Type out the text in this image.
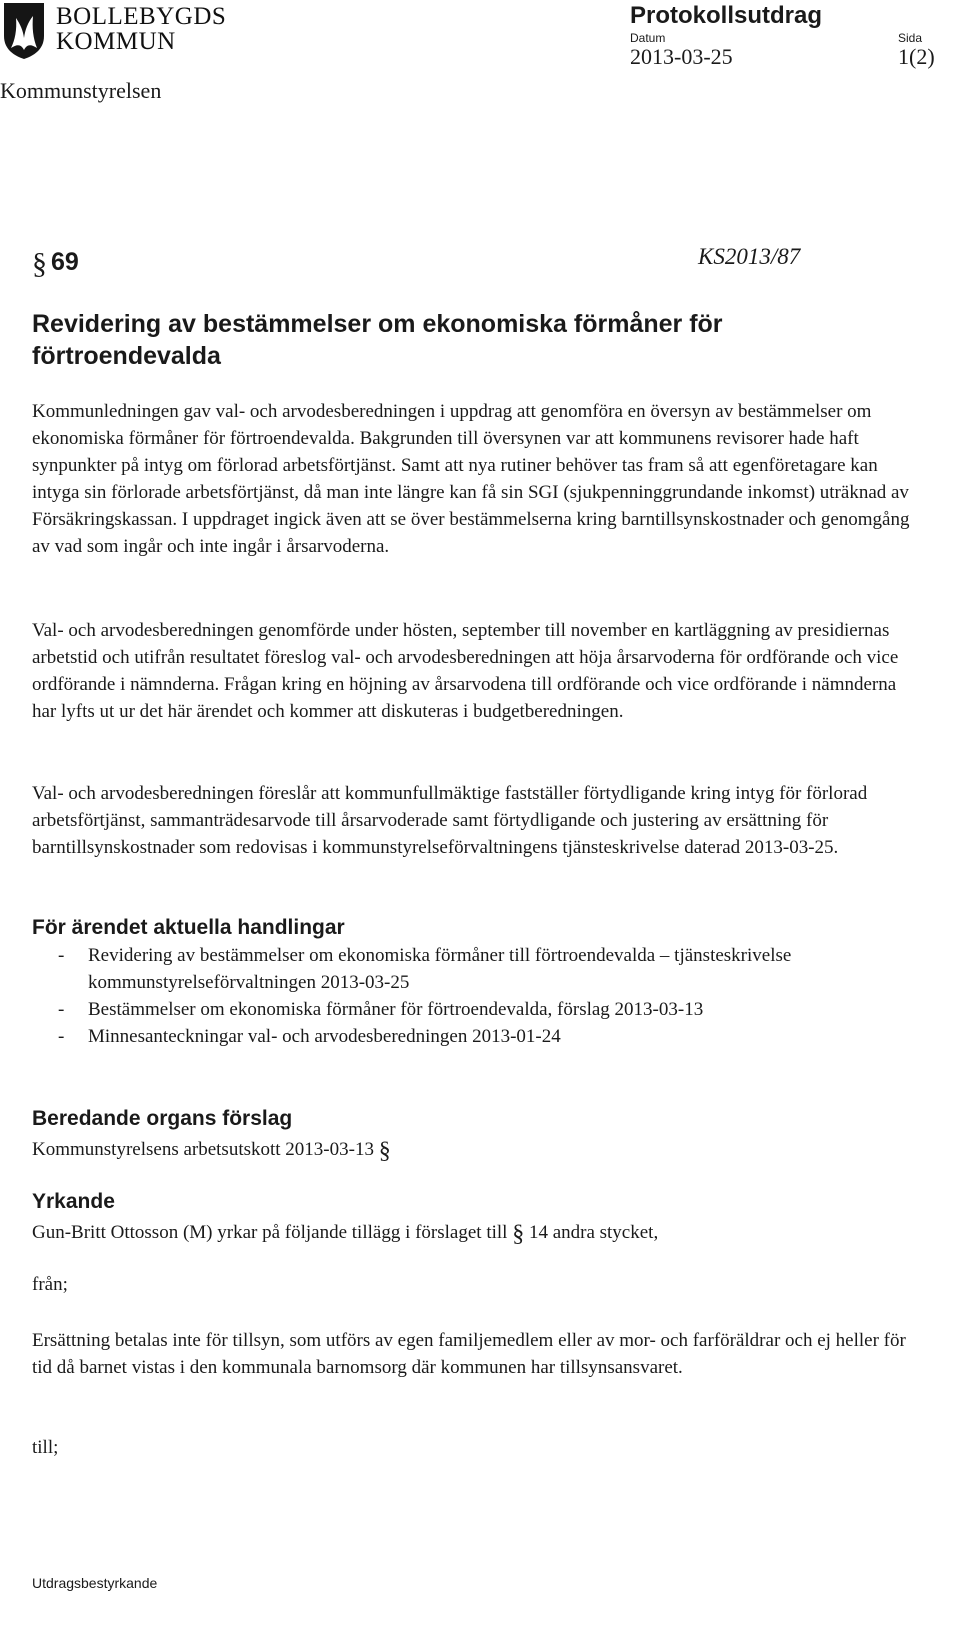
BOLLEBYGDS
KOMMUN
Kommunstyrelsen
Protokollsutdrag
Datum	Sida
2013-03-25	1(2)
§ 69	KS2013/87
Revidering av bestämmelser om ekonomiska förmåner för förtroendevalda
Kommunledningen gav val- och arvodesberedningen i uppdrag att genomföra en översyn av bestämmelser om ekonomiska förmåner för förtroendevalda. Bakgrunden till översynen var att kommunens revisorer hade haft synpunkter på intyg om förlorad arbetsförtjänst. Samt att nya rutiner behöver tas fram så att egenföretagare kan intyga sin förlorade arbetsförtjänst, då man inte längre kan få sin SGI (sjukpenninggrundande inkomst) uträknad av Försäkringskassan. I uppdraget ingick även att se över bestämmelserna kring barntillsynskostnader och genomgång av vad som ingår och inte ingår i årsarvoderna.
Val- och arvodesberedningen genomförde under hösten, september till november en kartläggning av presidiernas arbetstid och utifrån resultatet föreslog val- och arvodesberedningen att höja årsarvoderna för ordförande och vice ordförande i nämnderna. Frågan kring en höjning av årsarvodena till ordförande och vice ordförande i nämnderna har lyfts ut ur det här ärendet och kommer att diskuteras i budgetberedningen.
Val- och arvodesberedningen föreslår att kommunfullmäktige fastställer förtydligande kring intyg för förlorad arbetsförtjänst, sammanträdesarvode till årsarvoderade samt förtydligande och justering av ersättning för barntillsynskostnader som redovisas i kommunstyrelseförvaltningens tjänsteskrivelse daterad 2013-03-25.
För ärendet aktuella handlingar
- Revidering av bestämmelser om ekonomiska förmåner till förtroendevalda – tjänsteskrivelse kommunstyrelseförvaltningen 2013-03-25
- Bestämmelser om ekonomiska förmåner för förtroendevalda, förslag 2013-03-13
- Minnesanteckningar val- och arvodesberedningen 2013-01-24
Beredande organs förslag
Kommunstyrelsens arbetsutskott 2013-03-13 §
Yrkande
Gun-Britt Ottosson (M) yrkar på följande tillägg i förslaget till § 14 andra stycket,
från;
Ersättning betalas inte för tillsyn, som utförs av egen familjemedlem eller av mor- och farföräldrar och ej heller för tid då barnet vistas i den kommunala barnomsorg där kommunen har tillsynsansvaret.
till;
Utdragsbestyrkande
